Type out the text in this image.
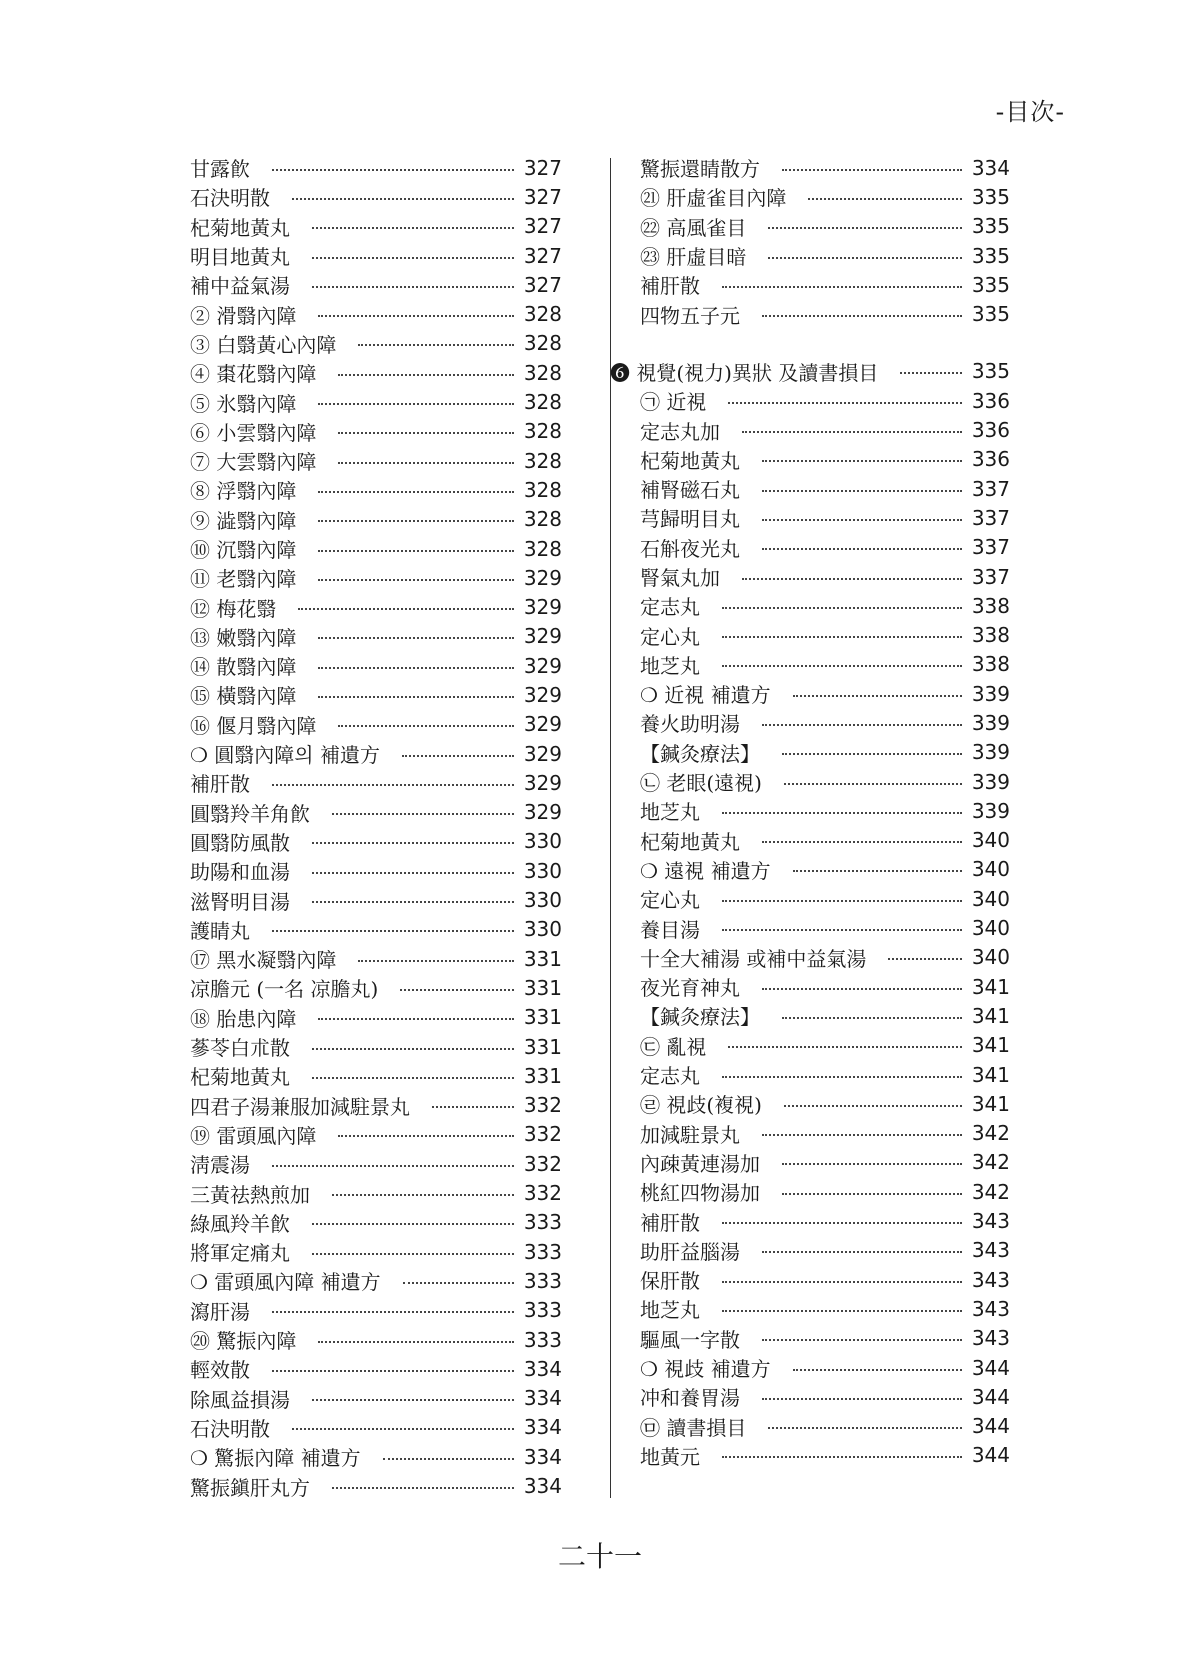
-目次-
甘露飮	327
石決明散	327
杞菊地黃丸	327
明目地黃丸	327
補中益氣湯	327
② 滑翳內障	328
③ 白翳黃心內障	328
④ 棗花翳內障	328
⑤ 氷翳內障	328
⑥ 小雲翳內障	328
⑦ 大雲翳內障	328
⑧ 浮翳內障	328
⑨ 澁翳內障	328
⑩ 沉翳內障	328
⑪ 老翳內障	329
⑫ 梅花翳	329
⑬ 嫩翳內障	329
⑭ 散翳內障	329
⑮ 橫翳內障	329
⑯ 偃月翳內障	329
❍ 圓翳內障의 補遺方	329
補肝散	329
圓翳羚羊角飮	329
圓翳防風散	330
助陽和血湯	330
滋腎明目湯	330
護睛丸	330
⑰ 黑水凝翳內障	331
凉膽元 (一名 凉膽丸)	331
⑱ 胎患內障	331
蔘苓白朮散	331
杞菊地黃丸	331
四君子湯兼服加減駐景丸	332
⑲ 雷頭風內障	332
淸震湯	332
三黃祛熱煎加	332
綠風羚羊飮	333
將軍定痛丸	333
❍ 雷頭風內障 補遺方	333
瀉肝湯	333
⑳ 驚振內障	333
輕效散	334
除風益損湯	334
石決明散	334
❍ 驚振內障 補遺方	334
驚振鎭肝丸方	334
驚振還睛散方	334
㉑ 肝虛雀目內障	335
㉒ 高風雀目	335
㉓ 肝虛目暗	335
補肝散	335
四物五子元	335
❻ 視覺(視力)異狀 及讀書損目	335
㉠ 近視	336
定志丸加	336
杞菊地黃丸	336
補腎磁石丸	337
芎歸明目丸	337
石斛夜光丸	337
腎氣丸加	337
定志丸	338
定心丸	338
地芝丸	338
❍ 近視 補遺方	339
養火助明湯	339
【鍼灸療法】	339
㉡ 老眼(遠視)	339
地芝丸	339
杞菊地黃丸	340
❍ 遠視 補遺方	340
定心丸	340
養目湯	340
十全大補湯 或補中益氣湯	340
夜光育神丸	341
【鍼灸療法】	341
㉢ 亂視	341
定志丸	341
㉣ 視歧(複視)	341
加減駐景丸	342
內疎黃連湯加	342
桃紅四物湯加	342
補肝散	343
助肝益腦湯	343
保肝散	343
地芝丸	343
驅風一字散	343
❍ 視歧 補遺方	344
冲和養胃湯	344
㉤ 讀書損目	344
地黃元	344
二十一
